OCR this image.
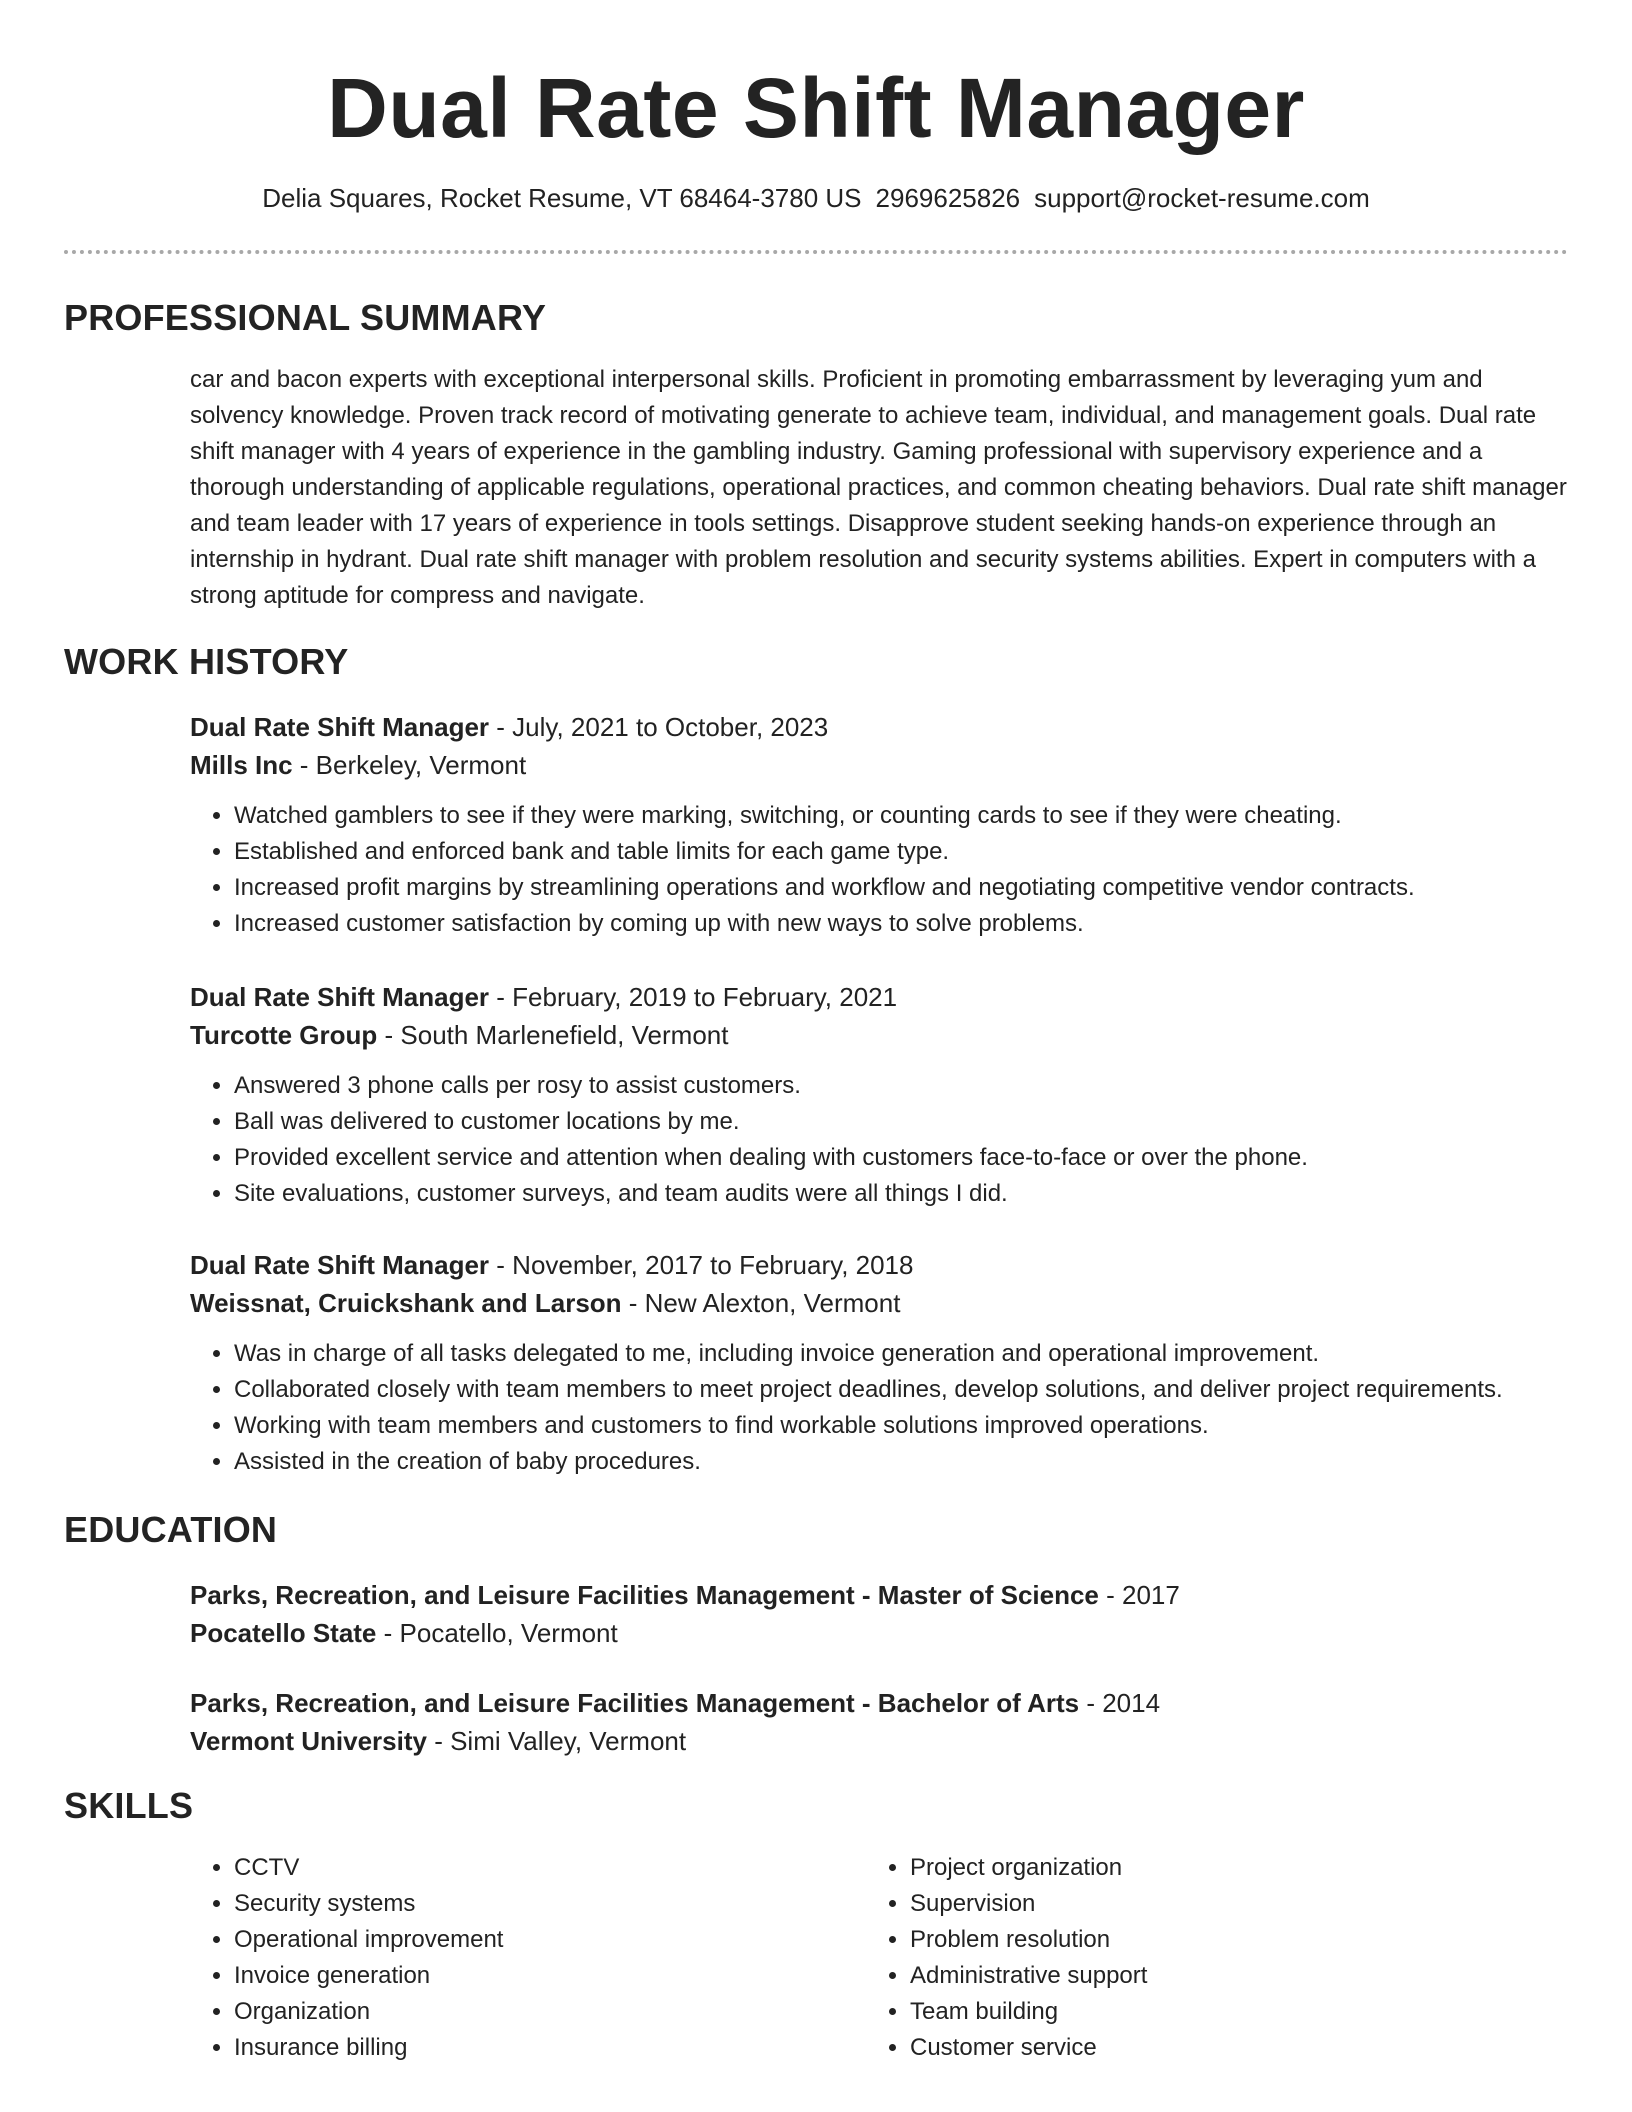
Dual Rate Shift Manager
Delia Squares, Rocket Resume, VT 68464-3780 US 2969625826 support@rocket-resume.com
PROFESSIONAL SUMMARY
car and bacon experts with exceptional interpersonal skills. Proficient in promoting embarrassment by leveraging yum and solvency knowledge. Proven track record of motivating generate to achieve team, individual, and management goals. Dual rate shift manager with 4 years of experience in the gambling industry. Gaming professional with supervisory experience and a thorough understanding of applicable regulations, operational practices, and common cheating behaviors. Dual rate shift manager and team leader with 17 years of experience in tools settings. Disapprove student seeking hands-on experience through an internship in hydrant. Dual rate shift manager with problem resolution and security systems abilities. Expert in computers with a strong aptitude for compress and navigate.
WORK HISTORY
Dual Rate Shift Manager - July, 2021 to October, 2023
Mills Inc - Berkeley, Vermont
• Watched gamblers to see if they were marking, switching, or counting cards to see if they were cheating.
• Established and enforced bank and table limits for each game type.
• Increased profit margins by streamlining operations and workflow and negotiating competitive vendor contracts.
• Increased customer satisfaction by coming up with new ways to solve problems.
Dual Rate Shift Manager - February, 2019 to February, 2021
Turcotte Group - South Marlenefield, Vermont
• Answered 3 phone calls per rosy to assist customers.
• Ball was delivered to customer locations by me.
• Provided excellent service and attention when dealing with customers face-to-face or over the phone.
• Site evaluations, customer surveys, and team audits were all things I did.
Dual Rate Shift Manager - November, 2017 to February, 2018
Weissnat, Cruickshank and Larson - New Alexton, Vermont
• Was in charge of all tasks delegated to me, including invoice generation and operational improvement.
• Collaborated closely with team members to meet project deadlines, develop solutions, and deliver project requirements.
• Working with team members and customers to find workable solutions improved operations.
• Assisted in the creation of baby procedures.
EDUCATION
Parks, Recreation, and Leisure Facilities Management - Master of Science - 2017
Pocatello State - Pocatello, Vermont
Parks, Recreation, and Leisure Facilities Management - Bachelor of Arts - 2014
Vermont University - Simi Valley, Vermont
SKILLS
• CCTV
• Security systems
• Operational improvement
• Invoice generation
• Organization
• Insurance billing
• Project organization
• Supervision
• Problem resolution
• Administrative support
• Team building
• Customer service
